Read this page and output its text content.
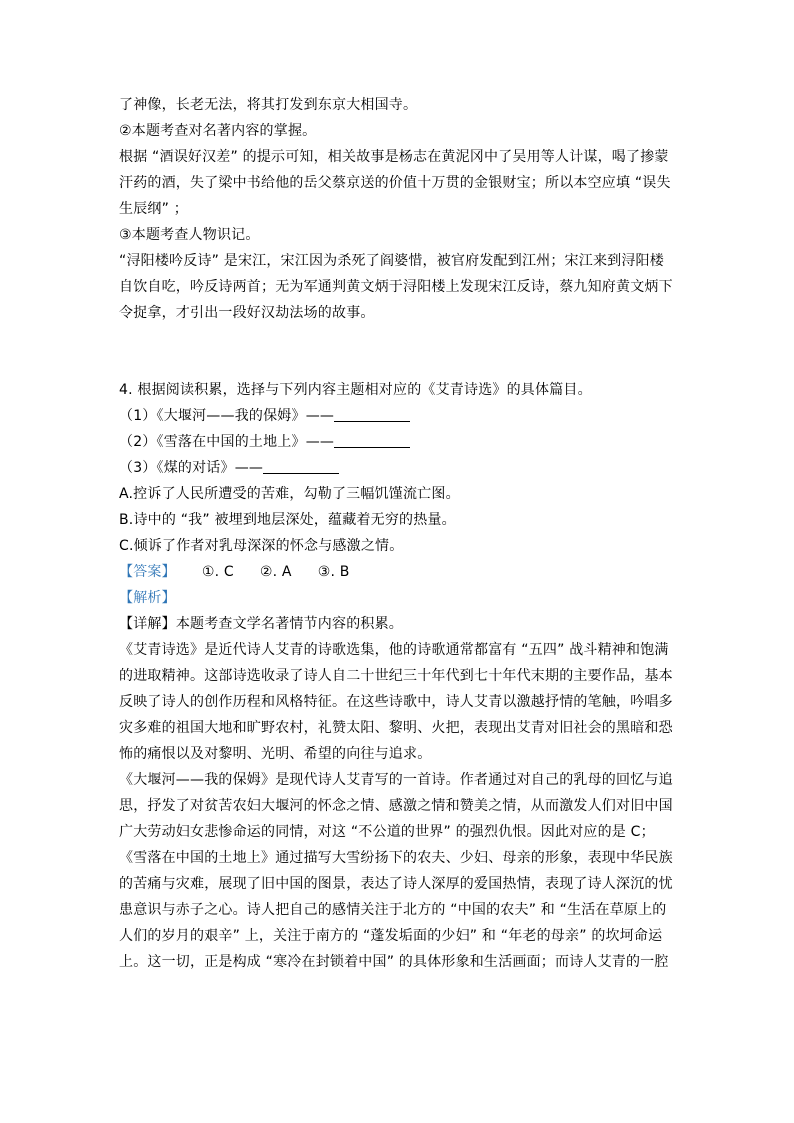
了神像，长老无法，将其打发到东京大相国寺。
②本题考查对名著内容的掌握。
根据 “酒误好汉差” 的提示可知，相关故事是杨志在黄泥冈中了吴用等人计谋，喝了掺蒙
汗药的酒，失了梁中书给他的岳父蔡京送的价值十万贯的金银财宝；所以本空应填 “误失
生辰纲” ；
③本题考查人物识记。
“浔阳楼吟反诗” 是宋江，宋江因为杀死了阎婆惜，被官府发配到江州；宋江来到浔阳楼
自饮自吃，吟反诗两首；无为军通判黄文炳于浔阳楼上发现宋江反诗，蔡九知府黄文炳下
令捉拿，才引出一段好汉劫法场的故事。
4. 根据阅读积累，选择与下列内容主题相对应的《艾青诗选》的具体篇目。
（1）《大堰河——我的保姆》——
（2）《雪落在中国的土地上》——
（3）《煤的对话》——
A.控诉了人民所遭受的苦难，勾勒了三幅饥馑流亡图。
B.诗中的 “我” 被埋到地层深处，蕴藏着无穷的热量。
C.倾诉了作者对乳母深深的怀念与感激之情。
【答案】 ①. C ②. A ③. B
【解析】
【详解】本题考查文学名著情节内容的积累。
《艾青诗选》是近代诗人艾青的诗歌选集，他的诗歌通常都富有 “五四” 战斗精神和饱满
的进取精神。这部诗选收录了诗人自二十世纪三十年代到七十年代末期的主要作品，基本
反映了诗人的创作历程和风格特征。在这些诗歌中，诗人艾青以激越抒情的笔触，吟唱多
灾多难的祖国大地和旷野农村，礼赞太阳、黎明、火把，表现出艾青对旧社会的黑暗和恐
怖的痛恨以及对黎明、光明、希望的向往与追求。
《大堰河——我的保姆》是现代诗人艾青写的一首诗。作者通过对自己的乳母的回忆与追
思，抒发了对贫苦农妇大堰河的怀念之情、感激之情和赞美之情，从而激发人们对旧中国
广大劳动妇女悲惨命运的同情，对这 “不公道的世界” 的强烈仇恨。因此对应的是 C；
《雪落在中国的土地上》通过描写大雪纷扬下的农夫、少妇、母亲的形象，表现中华民族
的苦痛与灾难，展现了旧中国的图景，表达了诗人深厚的爱国热情，表现了诗人深沉的忧
患意识与赤子之心。诗人把自己的感情关注于北方的 “中国的农夫” 和 “生活在草原上的
人们的岁月的艰辛” 上，关注于南方的 “蓬发垢面的少妇” 和 “年老的母亲” 的坎坷命运
上。这一切，正是构成 “寒冷在封锁着中国” 的具体形象和生活画面；而诗人艾青的一腔
